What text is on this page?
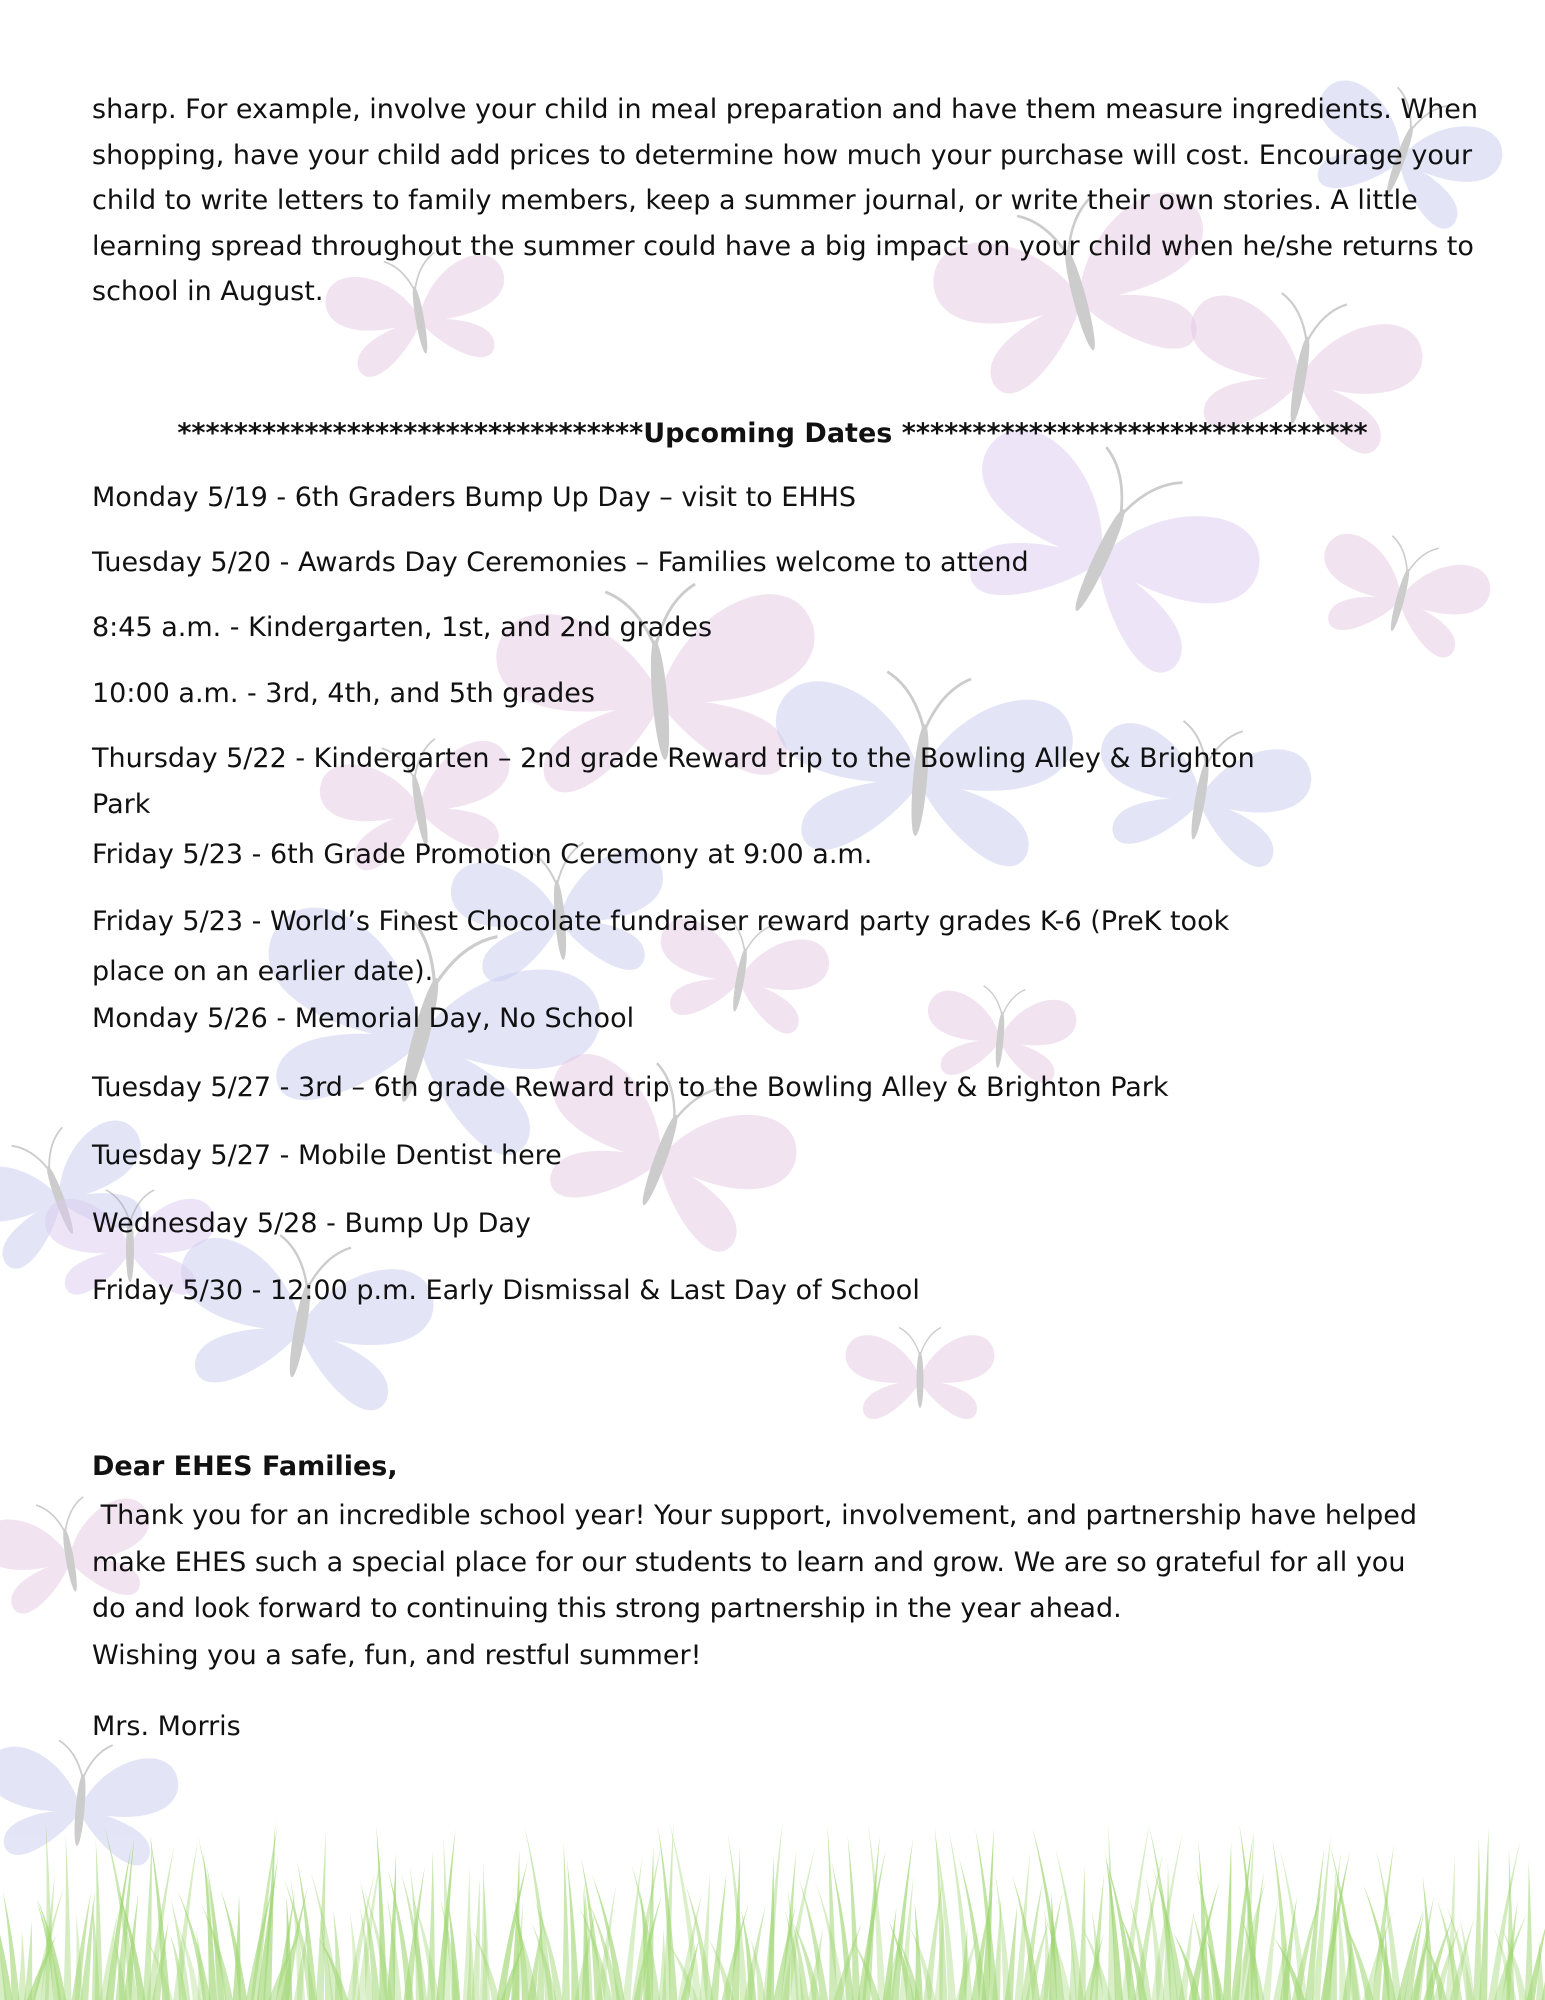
sharp. For example, involve your child in meal preparation and have them measure ingredients. When

shopping, have your child add prices to determine how much your purchase will cost. Encourage your

child to write letters to family members, keep a summer journal, or write their own stories. A little

learning spread throughout the summer could have a big impact on your child when he/she returns to

school in August.

*********************************Upcoming Dates *********************************

Monday 5/19 - 6th Graders Bump Up Day – visit to EHHS

Tuesday 5/20 - Awards Day Ceremonies – Families welcome to attend

8:45 a.m. - Kindergarten, 1st, and 2nd grades

10:00 a.m. - 3rd, 4th, and 5th grades

Thursday 5/22 - Kindergarten – 2nd grade Reward trip to the Bowling Alley & Brighton

Park

Friday 5/23 - 6th Grade Promotion Ceremony at 9:00 a.m.

Friday 5/23 - World’s Finest Chocolate fundraiser reward party grades K-6 (PreK took

place on an earlier date).

Monday 5/26 - Memorial Day, No School

Tuesday 5/27 - 3rd – 6th grade Reward trip to the Bowling Alley & Brighton Park

Tuesday 5/27 - Mobile Dentist here

Wednesday 5/28 - Bump Up Day

Friday 5/30 - 12:00 p.m. Early Dismissal & Last Day of School

Dear EHES Families,

Thank you for an incredible school year! Your support, involvement, and partnership have helped

make EHES such a special place for our students to learn and grow. We are so grateful for all you

do and look forward to continuing this strong partnership in the year ahead.

Wishing you a safe, fun, and restful summer!

Mrs. Morris
